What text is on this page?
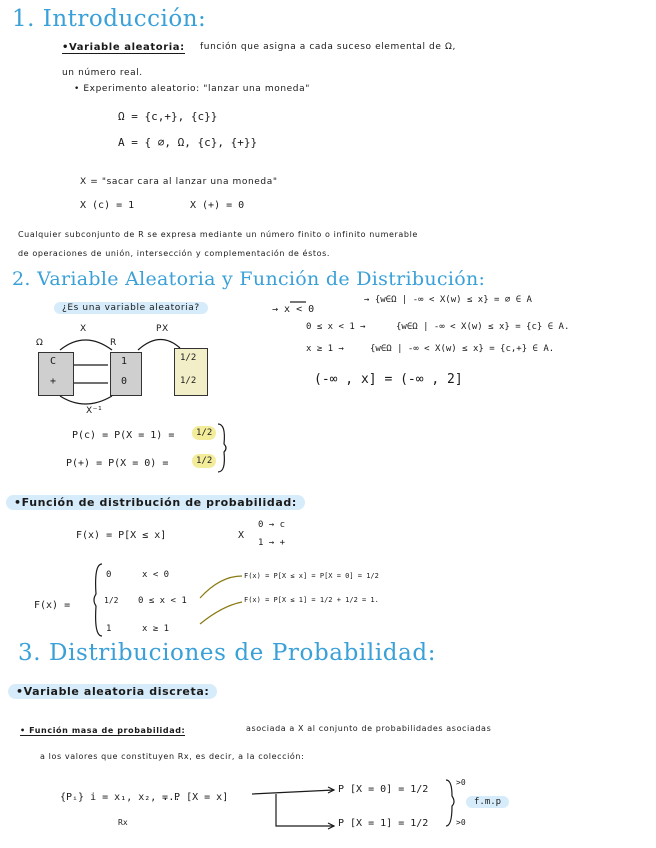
1. Introducción:
•Variable aleatoria: función que asigna a cada suceso elemental de Ω,
un número real.
• Experimento aleatorio: "lanzar una moneda"
Ω = {c,+}, {c}}
A = { ∅, Ω, {c}, {+}}
X = "sacar cara al lanzar una moneda"
X (c) = 1	X (+) = 0
Cualquier subconjunto de R se expresa mediante un número finito o infinito numerable
de operaciones de unión, intersección y complementación de éstos.
2. Variable Aleatoria y Función de Distribución:
¿Es una variable aleatoria?	→ x < 0
→ {w∈Ω | -∞ < X(w) ≤ x} = ∅ ∈ A
0 ≤ x < 1 →	{w∈Ω | -∞ < X(w) ≤ x} = {c} ∈ A.
x ≥ 1 →	{w∈Ω | -∞ < X(w) ≤ x} = {c,+} ∈ A.
(-∞ , x] = (-∞ , 2]
Ω
X
R
PX
X⁻¹
C
+
1
0
1/2
1/2
P(c) = P(X = 1) =	1/2
P(+) = P(X = 0) =	1/2
•Función de distribución de probabilidad:
F(x) = P[X ≤ x]	X
0 → c
1 → +
F(x) =
0	x < 0
1/2 0 ≤ x < 1
1	x ≥ 1
F(x) = P[X ≤ x] = P[X = 0] = 1/2
F(x) = P[X ≤ 1] = 1/2 + 1/2 = 1.
3. Distribuciones de Probabilidad:
•Variable aleatoria discreta:
• Función masa de probabilidad:	asociada a X al conjunto de probabilidades asociadas
a los valores que constituyen Rx, es decir, a la colección:
{Pᵢ} i = x₁, x₂, ...
Rx
= P [X = x]
P [X = 0] = 1/2
P [X = 1] = 1/2
>0
>0
f.m.p
